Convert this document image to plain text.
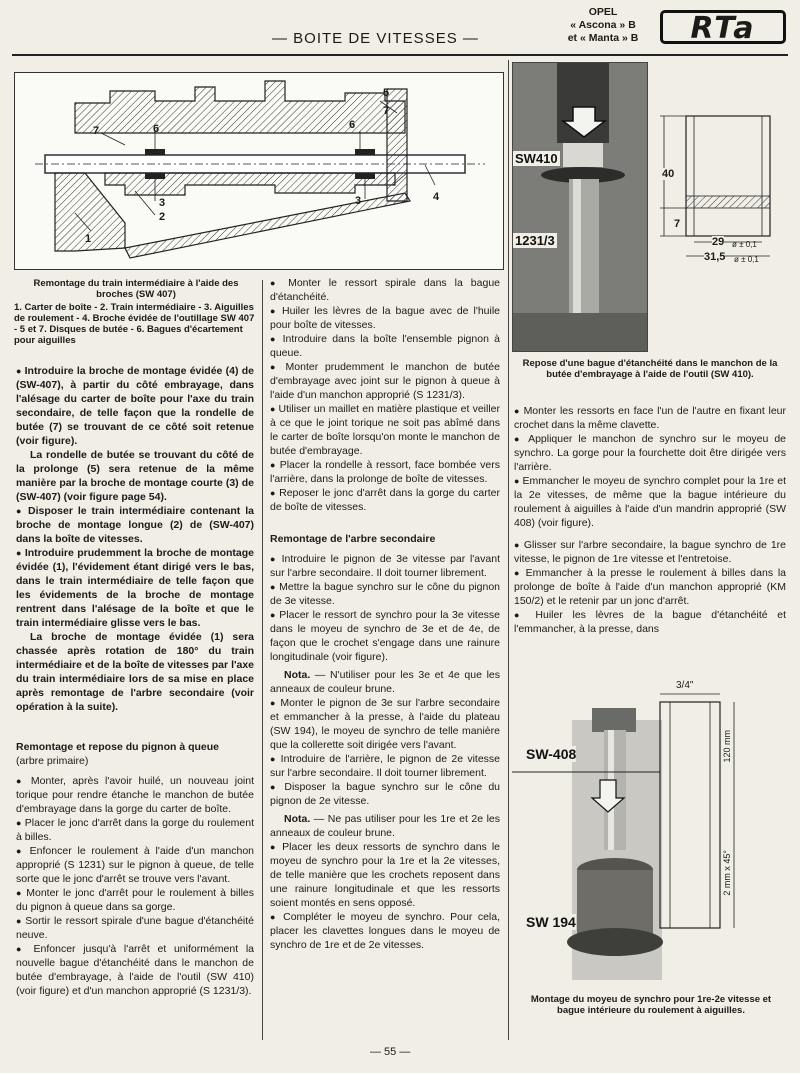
— BOITE DE VITESSES —
OPEL
« Ascona » B
et « Manta » B	RTa
1
2
3	3	4
5
6	6
7
7
Remontage du train intermédiaire à l'aide des broches (SW 407)
1. Carter de boîte - 2. Train intermédiaire - 3. Aiguilles de roulement - 4. Broche évidée de l'outillage SW 407 - 5 et 7. Disques de butée - 6. Bagues d'écartement pour aiguilles
SW410
1231/3
40
7
29 ø ± 0,1
31,5 ø ± 0,1
Repose d'une bague d'étanchéité dans le manchon de la butée d'embrayage à l'aide de l'outil (SW 410).
SW-408
SW 194
3/4"
120 mm
2 mm x 45°
Montage du moyeu de synchro pour 1re-2e vitesse et bague intérieure du roulement à aiguilles.

● Introduire la broche de montage évidée (4) de (SW-407), à partir du côté embrayage, dans l'alésage du carter de boîte pour l'axe du train secondaire, de telle façon que la rondelle de butée (7) se trouvant de ce côté soit retenue (voir figure).

La rondelle de butée se trouvant du côté de la prolonge (5) sera retenue de la même manière par la broche de montage courte (3) de (SW-407) (voir figure page 54).

● Disposer le train intermédiaire contenant la broche de montage longue (2) de (SW-407) dans la boîte de vitesses.

● Introduire prudemment la broche de montage évidée (1), l'évidement étant dirigé vers le bas, dans le train intermédiaire de telle façon que les évidements de la broche de montage rentrent dans l'alésage de la boîte et que le train intermédiaire glisse vers le bas.

La broche de montage évidée (1) sera chassée après rotation de 180° du train intermédiaire et de la boîte de vitesses par l'axe du train intermédiaire lors de sa mise en place après remontage de l'arbre secondaire (voir opération à la suite).

Remontage et repose du pignon à queue

(arbre primaire)

● Monter, après l'avoir huilé, un nouveau joint torique pour rendre étanche le manchon de butée d'embrayage dans la gorge du carter de boîte.

● Placer le jonc d'arrêt dans la gorge du roulement à billes.

● Enfoncer le roulement à l'aide d'un manchon approprié (S 1231) sur le pignon à queue, de telle sorte que le jonc d'arrêt se trouve vers l'avant.

● Monter le jonc d'arrêt pour le roulement à billes du pignon à queue dans sa gorge.

● Sortir le ressort spirale d'une bague d'étanchéité neuve.

● Enfoncer jusqu'à l'arrêt et uniformément la nouvelle bague d'étanchéité dans le manchon de butée d'embrayage, à l'aide de l'outil (SW 410) (voir figure) et d'un manchon approprié (S 1231/3).

● Monter le ressort spirale dans la bague d'étanchéité.

● Huiler les lèvres de la bague avec de l'huile pour boîte de vitesses.

● Introduire dans la boîte l'ensemble pignon à queue.

● Monter prudemment le manchon de butée d'embrayage avec joint sur le pignon à queue à l'aide d'un manchon approprié (S 1231/3).

● Utiliser un maillet en matière plastique et veiller à ce que le joint torique ne soit pas abîmé dans le carter de boîte lorsqu'on monte le manchon de butée d'embrayage.

● Placer la rondelle à ressort, face bombée vers l'arrière, dans la prolonge de boîte de vitesses.

● Reposer le jonc d'arrêt dans la gorge du carter de boîte de vitesses.

Remontage de l'arbre secondaire

● Introduire le pignon de 3e vitesse par l'avant sur l'arbre secondaire. Il doit tourner librement.

● Mettre la bague synchro sur le cône du pignon de 3e vitesse.

● Placer le ressort de synchro pour la 3e vitesse dans le moyeu de synchro de 3e et de 4e, de façon que le crochet s'engage dans une rainure longitudinale (voir figure).

Nota. — N'utiliser pour les 3e et 4e que les anneaux de couleur brune.

● Monter le pignon de 3e sur l'arbre secondaire et emmancher à la presse, à l'aide du plateau (SW 194), le moyeu de synchro de telle manière que la collerette soit dirigée vers l'avant.

● Introduire de l'arrière, le pignon de 2e vitesse sur l'arbre secondaire. Il doit tourner librement.

● Disposer la bague synchro sur le cône du pignon de 2e vitesse.

Nota. — Ne pas utiliser pour les 1re et 2e les anneaux de couleur brune.

● Placer les deux ressorts de synchro dans le moyeu de synchro pour la 1re et la 2e vitesses, de telle manière que les crochets reposent dans une rainure longitudinale et que les ressorts soient montés en sens opposé.

● Compléter le moyeu de synchro. Pour cela, placer les clavettes longues dans le moyeu de synchro de 1re et de 2e vitesses.

● Monter les ressorts en face l'un de l'autre en fixant leur crochet dans la même clavette.

● Appliquer le manchon de synchro sur le moyeu de synchro. La gorge pour la fourchette doit être dirigée vers l'arrière.

● Emmancher le moyeu de synchro complet pour la 1re et la 2e vitesses, de même que la bague intérieure du roulement à aiguilles à l'aide d'un mandrin approprié (SW 408) (voir figure).

● Glisser sur l'arbre secondaire, la bague synchro de 1re vitesse, le pignon de 1re vitesse et l'entretoise.

● Emmancher à la presse le roulement à billes dans la prolonge de boîte à l'aide d'un manchon approprié (KM 150/2) et le retenir par un jonc d'arrêt.

● Huiler les lèvres de la bague d'étanchéité et l'emmancher, à la presse, dans

— 55 —
